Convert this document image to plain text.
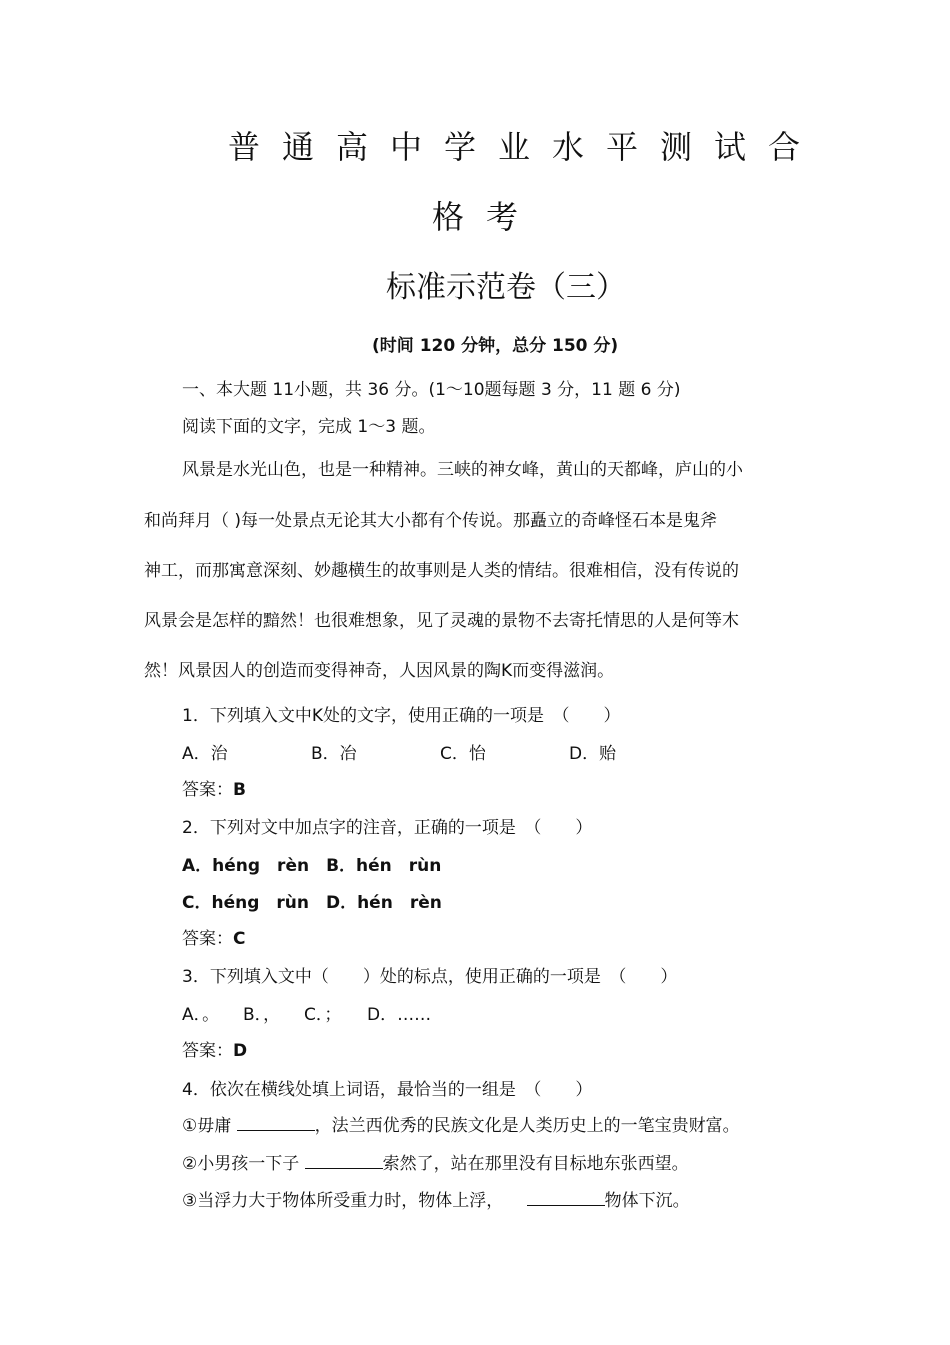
普通高中学业水平测试合
格考
标准示范卷（三）
(时间 120 分钟，总分 150 分)
一、本大题 11小题，共 36 分。(1～10题每题 3 分，11 题 6 分)
阅读下面的文字，完成 1～3 题。
风景是水光山色，也是一种精神。三峡的神女峰，黄山的天都峰，庐山的小
和尚拜月（ )每一处景点无论其大小都有个传说。那矗立的奇峰怪石本是鬼斧
神工，而那寓意深刻、妙趣横生的故事则是人类的情结。很难相信，没有传说的
风景会是怎样的黯然！也很难想象，见了灵魂的景物不去寄托情思的人是何等木
然！风景因人的创造而变得神奇，人因风景的陶K而变得滋润。
1．下列填入文中K处的文字，使用正确的一项是　（　　）
A．治	B．冶	C．怡	D．贻
答案：B
2．下列对文中加点字的注音，正确的一项是　（　　）
A．héng　rèn　B．hén　rùn
C．héng　rùn　D．hén　rèn
答案：C
3．下列填入文中（　　）处的标点，使用正确的一项是　（　　）
A．。 B．， C．； D．……
答案：D
4．依次在横线处填上词语，最恰当的一组是　（　　）
①毋庸	，法兰西优秀的民族文化是人类历史上的一笔宝贵财富。
②小男孩一下子	索然了，站在那里没有目标地东张西望。
③当浮力大于物体所受重力时，物体上浮，	物体下沉。
